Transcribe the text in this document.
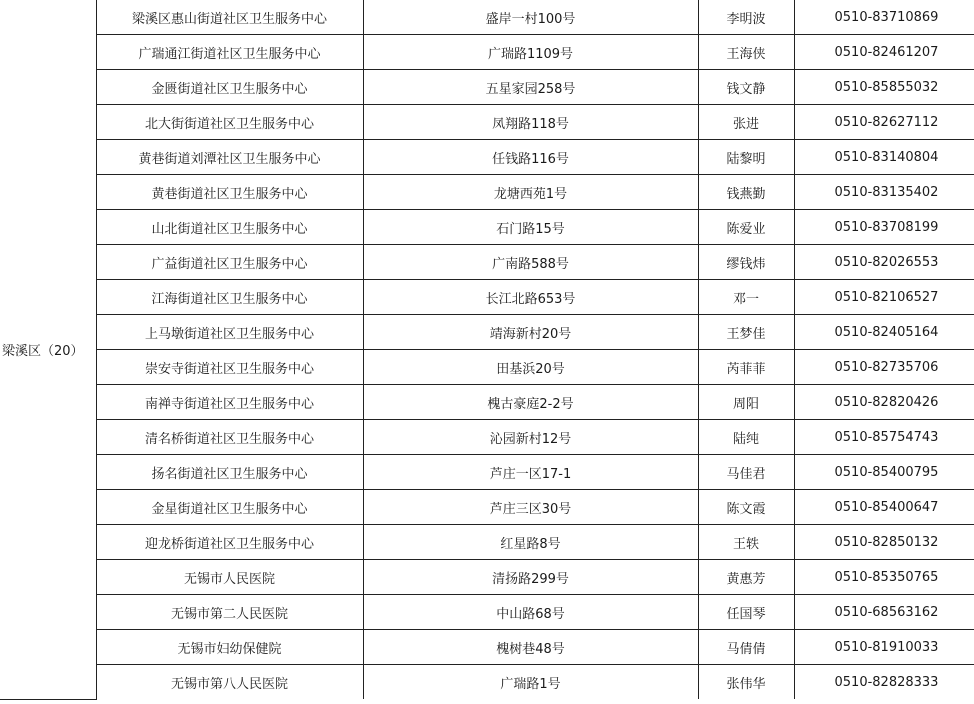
梁溪区（20）	梁溪区惠山街道社区卫生服务中心	盛岸一村100号	李明波	0510-83710869
	广瑞通江街道社区卫生服务中心	广瑞路1109号	王海侠	0510-82461207
	金匮街道社区卫生服务中心	五星家园258号	钱文静	0510-85855032
	北大街街道社区卫生服务中心	凤翔路118号	张进	0510-82627112
	黄巷街道刘潭社区卫生服务中心	任钱路116号	陆黎明	0510-83140804
	黄巷街道社区卫生服务中心	龙塘西苑1号	钱燕勤	0510-83135402
	山北街道社区卫生服务中心	石门路15号	陈爱业	0510-83708199
	广益街道社区卫生服务中心	广南路588号	缪钱炜	0510-82026553
	江海街道社区卫生服务中心	长江北路653号	邓一	0510-82106527
	上马墩街道社区卫生服务中心	靖海新村20号	王梦佳	0510-82405164
	崇安寺街道社区卫生服务中心	田基浜20号	芮菲菲	0510-82735706
	南禅寺街道社区卫生服务中心	槐古豪庭2-2号	周阳	0510-82820426
	清名桥街道社区卫生服务中心	沁园新村12号	陆纯	0510-85754743
	扬名街道社区卫生服务中心	芦庄一区17-1	马佳君	0510-85400795
	金星街道社区卫生服务中心	芦庄三区30号	陈文霞	0510-85400647
	迎龙桥街道社区卫生服务中心	红星路8号	王轶	0510-82850132
	无锡市人民医院	清扬路299号	黄惠芳	0510-85350765
	无锡市第二人民医院	中山路68号	任国琴	0510-68563162
	无锡市妇幼保健院	槐树巷48号	马倩倩	0510-81910033
	无锡市第八人民医院	广瑞路1号	张伟华	0510-82828333
